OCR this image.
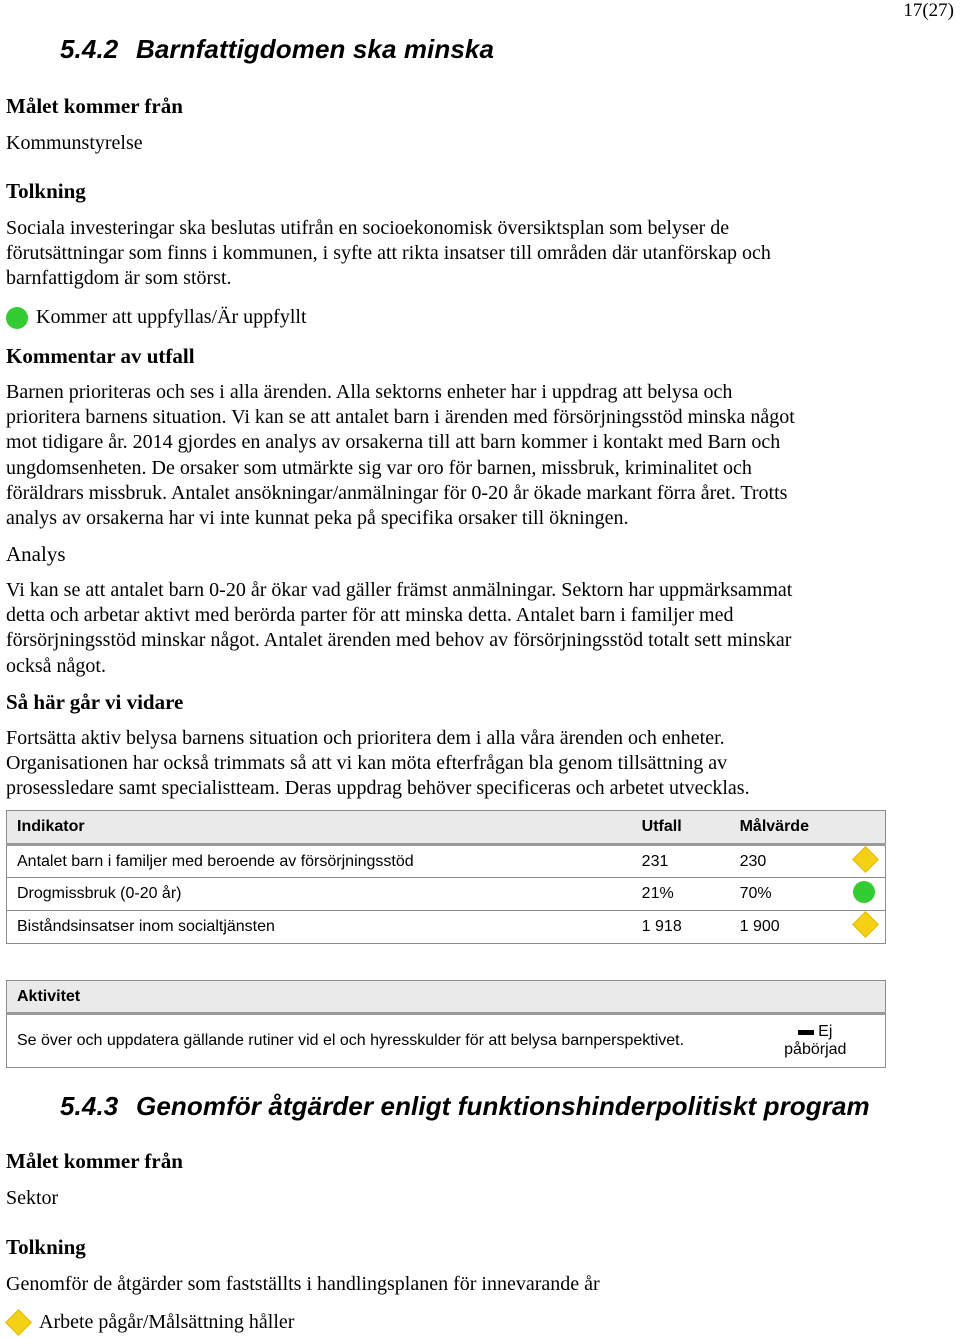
17(27)
5.4.2 Barnfattigdomen ska minska
Målet kommer från
Kommunstyrelse
Tolkning

Sociala investeringar ska beslutas utifrån en socioekonomisk översiktsplan som belyser de

förutsättningar som finns i kommunen, i syfte att rikta insatser till områden där utanförskap och

barnfattigdom är som störst.

Kommer att uppfyllas/Är uppfyllt
Kommentar av utfall

Barnen prioriteras och ses i alla ärenden. Alla sektorns enheter har i uppdrag att belysa och

prioritera barnens situation. Vi kan se att antalet barn i ärenden med försörjningsstöd minska något

mot tidigare år. 2014 gjordes en analys av orsakerna till att barn kommer i kontakt med Barn och

ungdomsenheten. De orsaker som utmärkte sig var oro för barnen, missbruk, kriminalitet och

föräldrars missbruk. Antalet ansökningar/anmälningar för 0-20 år ökade markant förra året. Trotts

analys av orsakerna har vi inte kunnat peka på specifika orsaker till ökningen.

Analys

Vi kan se att antalet barn 0-20 år ökar vad gäller främst anmälningar. Sektorn har uppmärksammat

detta och arbetar aktivt med berörda parter för att minska detta. Antalet barn i familjer med

försörjningsstöd minskar något. Antalet ärenden med behov av försörjningsstöd totalt sett minskar

också något.

Så här går vi vidare

Fortsätta aktiv belysa barnens situation och prioritera dem i alla våra ärenden och enheter.

Organisationen har också trimmats så att vi kan möta efterfrågan bla genom tillsättning av

prosessledare samt specialistteam. Deras uppdrag behöver specificeras och arbetet utvecklas.

Indikator	Utfall	Målvärde
Antalet barn i familjer med beroende av försörjningsstöd	231	230

Drogmissbruk (0-20 år)	21%	70%

Biståndsinsatser inom socialtjänsten	1 918	1 900
Aktivitet
Se över och uppdatera gällande rutiner vid el och hyresskulder för att belysa barnperspektivet.	
Ej
påbörjad
5.4.3 Genomför åtgärder enligt funktionshinderpolitiskt program
Målet kommer från
Sektor
Tolkning

Genomför de åtgärder som fastställts i handlingsplanen för innevarande år

Arbete pågår/Målsättning håller
